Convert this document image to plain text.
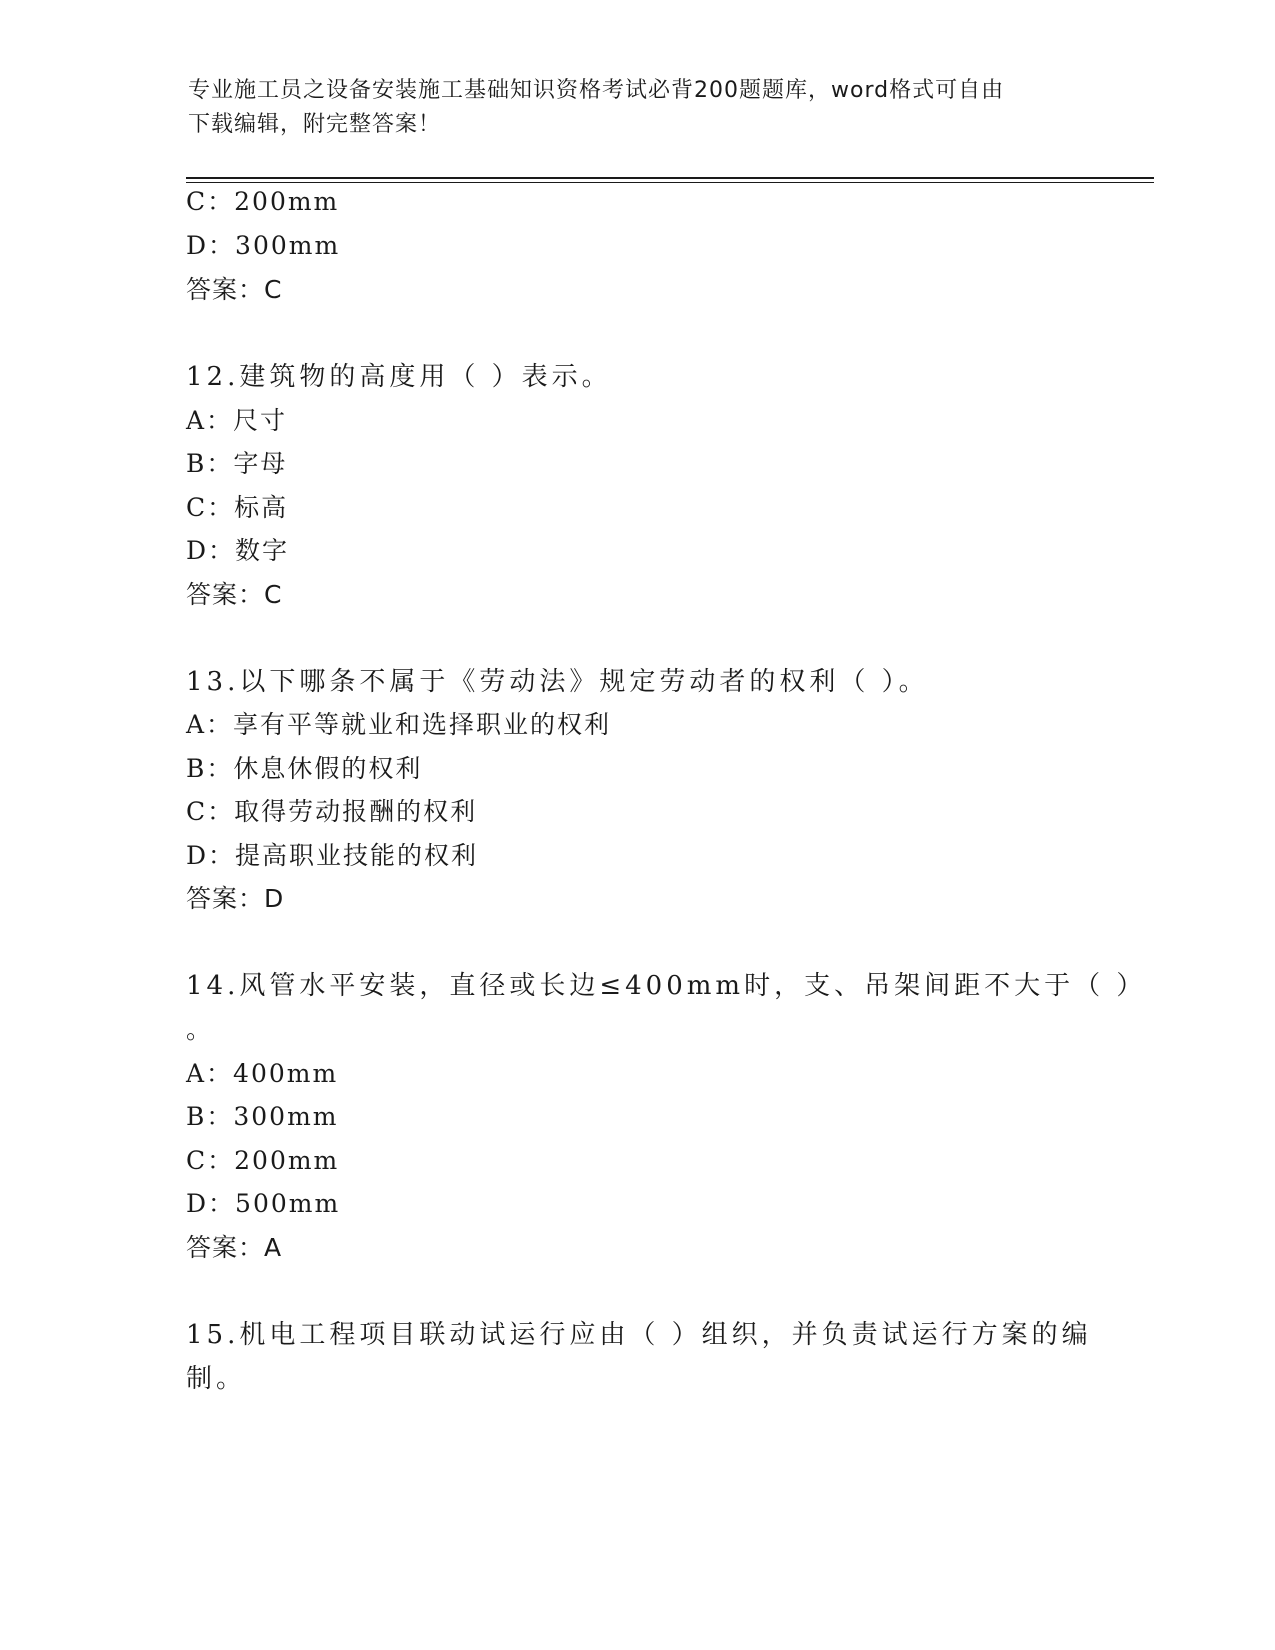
专业施工员之设备安装施工基础知识资格考试必背200题题库，word格式可自由
下载编辑，附完整答案！
C：200mm
D：300mm
答案：C
12.建筑物的高度用（ ）表示。
A：尺寸
B：字母
C：标高
D：数字
答案：C
13.以下哪条不属于《劳动法》规定劳动者的权利（ ）。
A：享有平等就业和选择职业的权利
B：休息休假的权利
C：取得劳动报酬的权利
D：提高职业技能的权利
答案：D
14.风管水平安装，直径或长边≤400mm时，支、吊架间距不大于（ ）
。
A：400mm
B：300mm
C：200mm
D：500mm
答案：A
15.机电工程项目联动试运行应由（ ）组织，并负责试运行方案的编
制。
